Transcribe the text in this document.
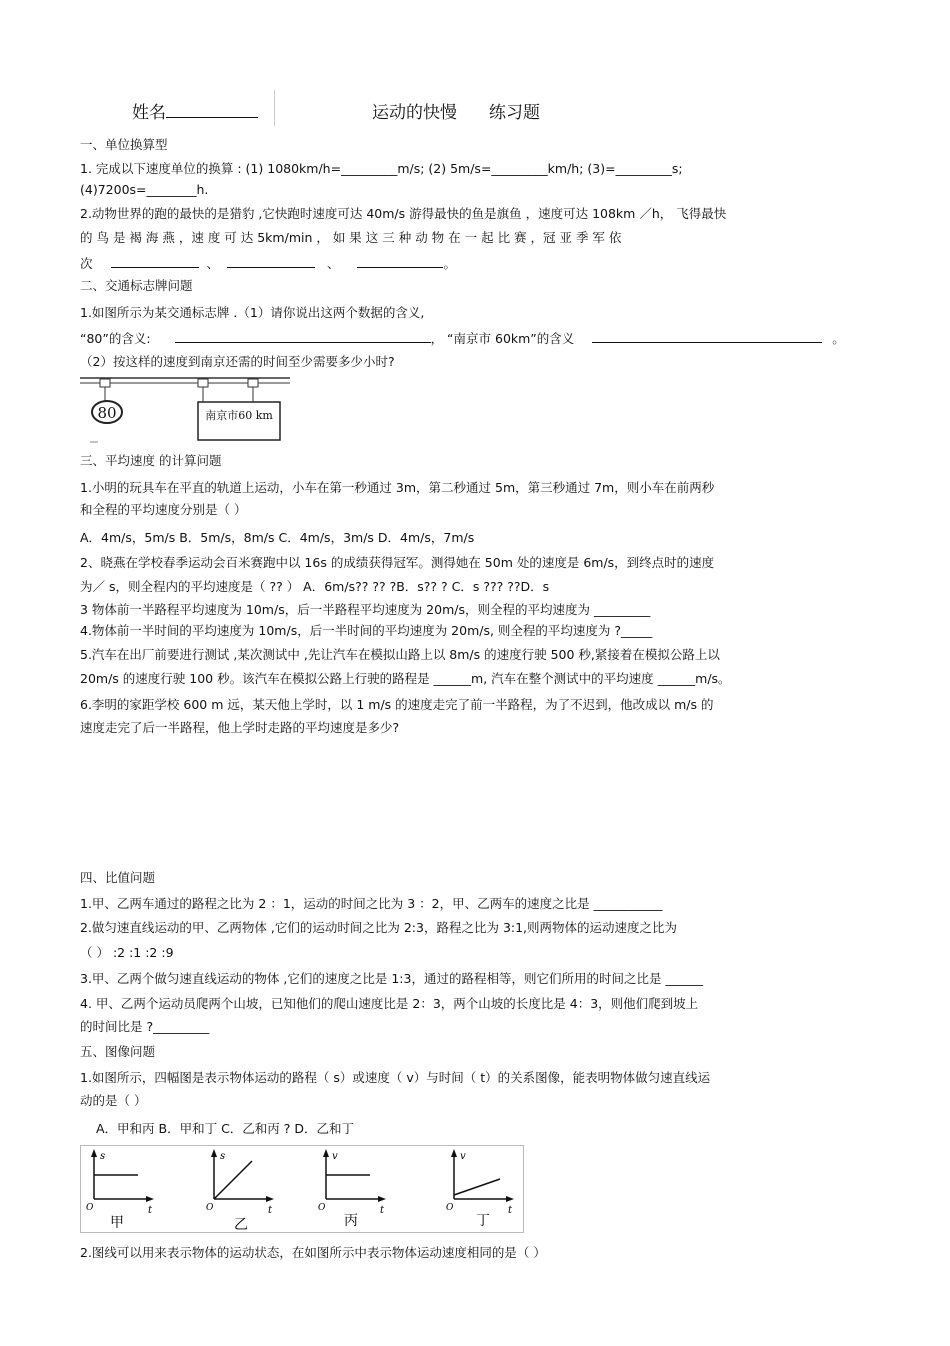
姓名	运动的快慢 练习题
一、单位换算型
1. 完成以下速度单位的换算 : (1) 1080km/h=_________m/s; (2) 5m/s=_________km/h; (3)=_________s;
(4)7200s=________h.
2.动物世界的跑的最快的是猎豹 ,它快跑时速度可达 40m/s 游得最快的鱼是旗鱼 ，速度可达 108km ／h， 飞得最快
的 鸟 是 褐 海 燕 ，速 度 可 达 5km/min ， 如 果 这 三 种 动 物 在 一 起 比 赛 ，冠 亚 季 军 依
次	、	、	。
二、交通标志牌问题
1.如图所示为某交通标志牌 .（1）请你说出这两个数据的含义,
“80”的含义:	， “南京市 60km”的含义	。
（2）按这样的速度到南京还需的时间至少需要多少小时?
80	南京市60 km
三、平均速度 的计算问题
1.小明的玩具车在平直的轨道上运动，小车在第一秒通过 3m，第二秒通过 5m，第三秒通过 7m，则小车在前两秒
和全程的平均速度分别是（ ）
A．4m/s，5m/s B．5m/s，8m/s C．4m/s，3m/s D．4m/s，7m/s
2、晓燕在学校春季运动会百米赛跑中以 16s 的成绩获得冠军。测得她在 50m 处的速度是 6m/s，到终点时的速度
为／ s，则全程内的平均速度是（ ?? ） A．6m/s?? ?? ?B．s?? ? C．s ??? ??D．s
3 物体前一半路程平均速度为 10m/s，后一半路程平均速度为 20m/s，则全程的平均速度为 _________
4.物体前一半时间的平均速度为 10m/s，后一半时间的平均速度为 20m/s, 则全程的平均速度为 ?_____
5.汽车在出厂前要进行测试 ,某次测试中 ,先让汽车在模拟山路上以 8m/s 的速度行驶 500 秒,紧接着在模拟公路上以
20m/s 的速度行驶 100 秒。该汽车在模拟公路上行驶的路程是 ______m, 汽车在整个测试中的平均速度 ______m/s。
6.李明的家距学校 600 m 远，某天他上学时，以 1 m/s 的速度走完了前一半路程，为了不迟到，他改成以 m/s 的
速度走完了后一半路程，他上学时走路的平均速度是多少?
四、比值问题
1.甲、乙两车通过的路程之比为 2 ：1，运动的时间之比为 3 ：2，甲、乙两车的速度之比是 ___________
2.做匀速直线运动的甲、乙两物体 ,它们的运动时间之比为 2:3，路程之比为 3:1,则两物体的运动速度之比为
（ ） :2 :1 :2 :9
3.甲、乙两个做匀速直线运动的物体 ,它们的速度之比是 1:3，通过的路程相等，则它们所用的时间之比是 ______
4. 甲、乙两个运动员爬两个山坡，已知他们的爬山速度比是 2：3，两个山坡的长度比是 4：3，则他们爬到坡上
的时间比是 ?_________
五、图像问题
1.如图所示，四幅图是表示物体运动的路程（ s）或速度（ v）与时间（ t）的关系图像，能表明物体做匀速直线运
动的是（ ）
A．甲和丙 B．甲和丁 C．乙和丙 ? D．乙和丁
s
t
O
甲
s
t
O
乙
v
t
O
丙
v
t
O
丁
2.图线可以用来表示物体的运动状态，在如图所示中表示物体运动速度相同的是（ ）
